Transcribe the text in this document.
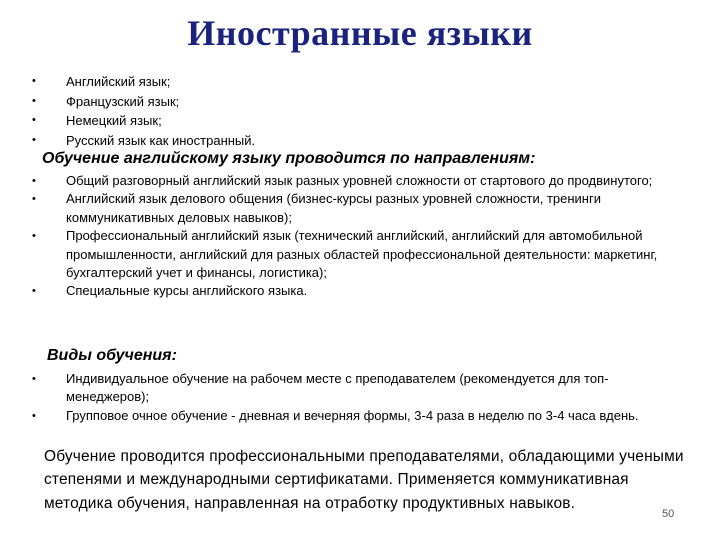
Иностранные языки
• Английский язык;
• Французский язык;
• Немецкий язык;
• Русский язык как иностранный.
Обучение английскому языку проводится по направлениям:
• Общий разговорный английский язык разных уровней сложности от стартового до продвинутого;
• Английский язык делового общения (бизнес-курсы разных уровней сложности, тренинги коммуникативных деловых навыков);
• Профессиональный английский язык (технический английский, английский для автомобильной промышленности, английский для разных областей профессиональной деятельности: маркетинг, бухгалтерский учет и финансы, логистика);
• Специальные курсы английского языка.
Виды обучения:
• Индивидуальное обучение на рабочем месте с преподавателем (рекомендуется для топ-менеджеров);
• Групповое очное обучение - дневная и вечерняя формы, 3-4 раза в неделю по 3-4 часа вдень.
Обучение проводится профессиональными преподавателями, обладающими учеными степенями и международными сертификатами. Применяется коммуникативная методика обучения, направленная на отработку продуктивных навыков.
50
